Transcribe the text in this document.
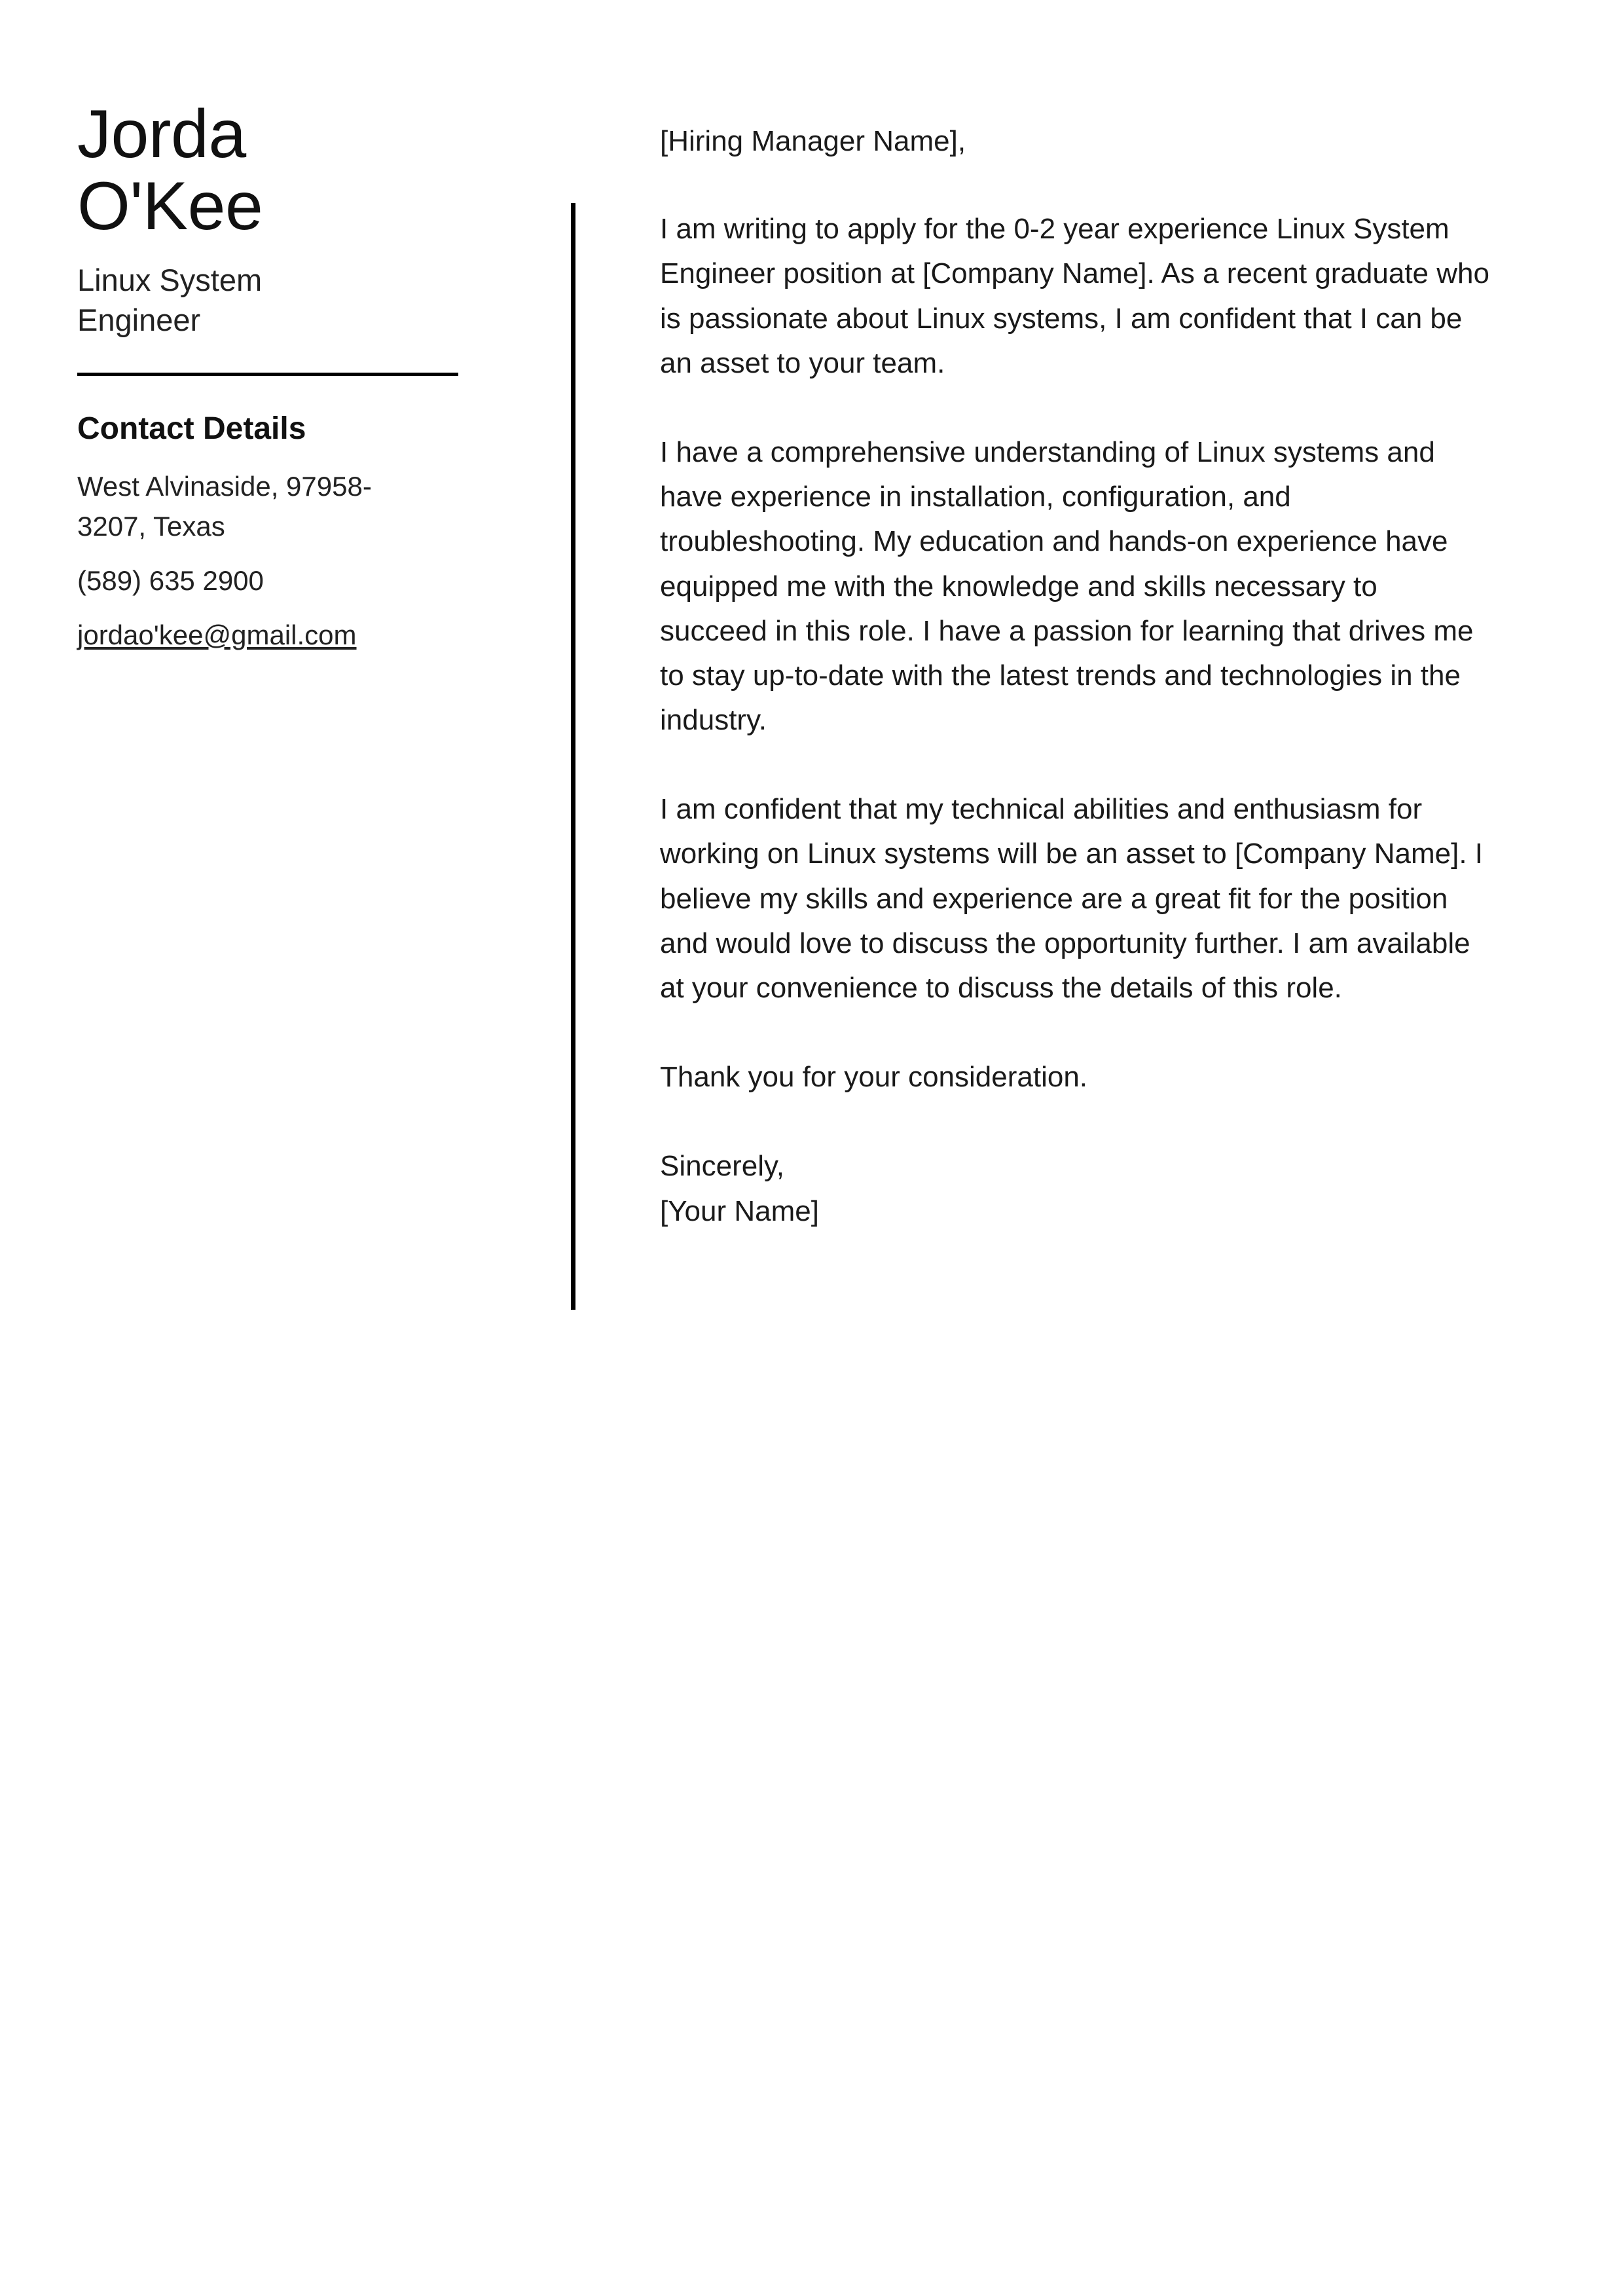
Jorda
O'Kee
Linux System Engineer
Contact Details
West Alvinaside, 97958-3207, Texas
(589) 635 2900
jordao'kee@gmail.com

[Hiring Manager Name],

I am writing to apply for the 0-2 year experience Linux System Engineer position at [Company Name]. As a recent graduate who is passionate about Linux systems, I am confident that I can be an asset to your team.

I have a comprehensive understanding of Linux systems and have experience in installation, configuration, and troubleshooting. My education and hands-on experience have equipped me with the knowledge and skills necessary to succeed in this role. I have a passion for learning that drives me to stay up-to-date with the latest trends and technologies in the industry.

I am confident that my technical abilities and enthusiasm for working on Linux systems will be an asset to [Company Name]. I believe my skills and experience are a great fit for the position and would love to discuss the opportunity further. I am available at your convenience to discuss the details of this role.

Thank you for your consideration.

Sincerely,

[Your Name]
